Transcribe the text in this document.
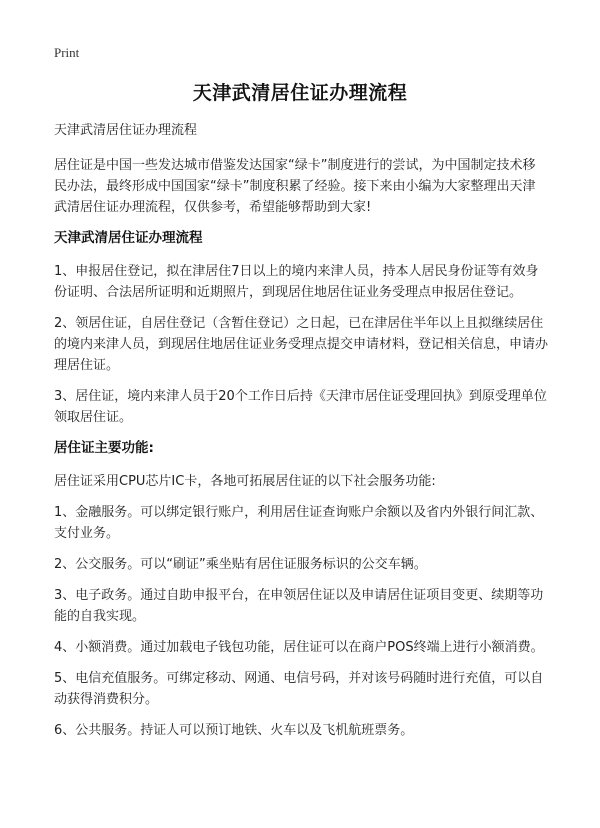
Print
天津武清居住证办理流程

天津武清居住证办理流程

居住证是中国一些发达城市借鉴发达国家“绿卡”制度进行的尝试，为中国制定技术移民办法，最终形成中国国家“绿卡”制度积累了经验。接下来由小编为大家整理出天津武清居住证办理流程，仅供参考，希望能够帮助到大家!

天津武清居住证办理流程

1、申报居住登记，拟在津居住7日以上的境内来津人员，持本人居民身份证等有效身份证明、合法居所证明和近期照片，到现居住地居住证业务受理点申报居住登记。

2、领居住证，自居住登记（含暂住登记）之日起，已在津居住半年以上且拟继续居住的境内来津人员，到现居住地居住证业务受理点提交申请材料，登记相关信息，申请办理居住证。

3、居住证，境内来津人员于20个工作日后持《天津市居住证受理回执》到原受理单位领取居住证。

居住证主要功能:

居住证采用CPU芯片IC卡，各地可拓展居住证的以下社会服务功能:

1、金融服务。可以绑定银行账户，利用居住证查询账户余额以及省内外银行间汇款、支付业务。

2、公交服务。可以“刷证”乘坐贴有居住证服务标识的公交车辆。

3、电子政务。通过自助申报平台，在申领居住证以及申请居住证项目变更、续期等功能的自我实现。

4、小额消费。通过加载电子钱包功能，居住证可以在商户POS终端上进行小额消费。

5、电信充值服务。可绑定移动、网通、电信号码，并对该号码随时进行充值，可以自动获得消费积分。

6、公共服务。持证人可以预订地铁、火车以及飞机航班票务。
